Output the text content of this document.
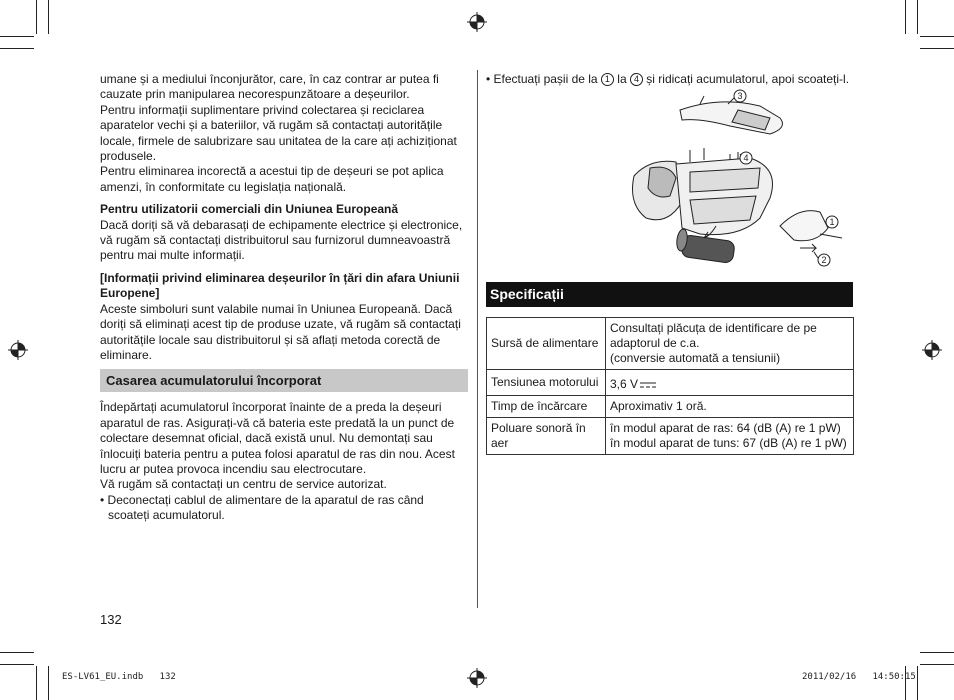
umane și a mediului înconjurător, care, în caz contrar ar putea fi cauzate prin manipularea necorespunzătoare a deșeurilor.

Pentru informații suplimentare privind colectarea și reciclarea aparatelor vechi și a bateriilor, vă rugăm să contactați autoritățile locale, firmele de salubrizare sau unitatea de la care ați achiziționat produsele.

Pentru eliminarea incorectă a acestui tip de deșeuri se pot aplica amenzi, în conformitate cu legislația națională.

Pentru utilizatorii comerciali din Uniunea Europeană

Dacă doriți să vă debarasați de echipamente electrice și electronice, vă rugăm să contactați distribuitorul sau furnizorul dumneavoastră pentru mai multe informații.

[Informații privind eliminarea deșeurilor în țări din afara Uniunii Europene]

Aceste simboluri sunt valabile numai în Uniunea Europeană. Dacă doriți să eliminați acest tip de produse uzate, vă rugăm să contactați autoritățile locale sau distribuitorul și să aflați metoda corectă de eliminare.

Casarea acumulatorului încorporat

Îndepărtați acumulatorul încorporat înainte de a preda la deșeuri aparatul de ras. Asigurați-vă că bateria este predată la un punct de colectare desemnat oficial, dacă există unul. Nu demontați sau înlocuiți bateria pentru a putea folosi aparatul de ras din nou. Acest lucru ar putea provoca incendiu sau electrocutare.

Vă rugăm să contactați un centru de service autorizat.

• Deconectați cablul de alimentare de la aparatul de ras când scoateți acumulatorul.

132

• Efectuați pașii de la 1 la 4 și ridicați acumulatorul, apoi scoateți-l.

3
4
1
2
Specificații
Sursă de alimentare	Consultați plăcuța de identificare de pe adaptorul de c.a.
(conversie automată a tensiunii)
Tensiunea motorului	3,6 V
Timp de încărcare	Aproximativ 1 oră.
Poluare sonoră în aer	în modul aparat de ras: 64 (dB (A) re 1 pW)
în modul aparat de tuns: 67 (dB (A) re 1 pW)
ES-LV61_EU.indb   132	2011/02/16   14:50:15
